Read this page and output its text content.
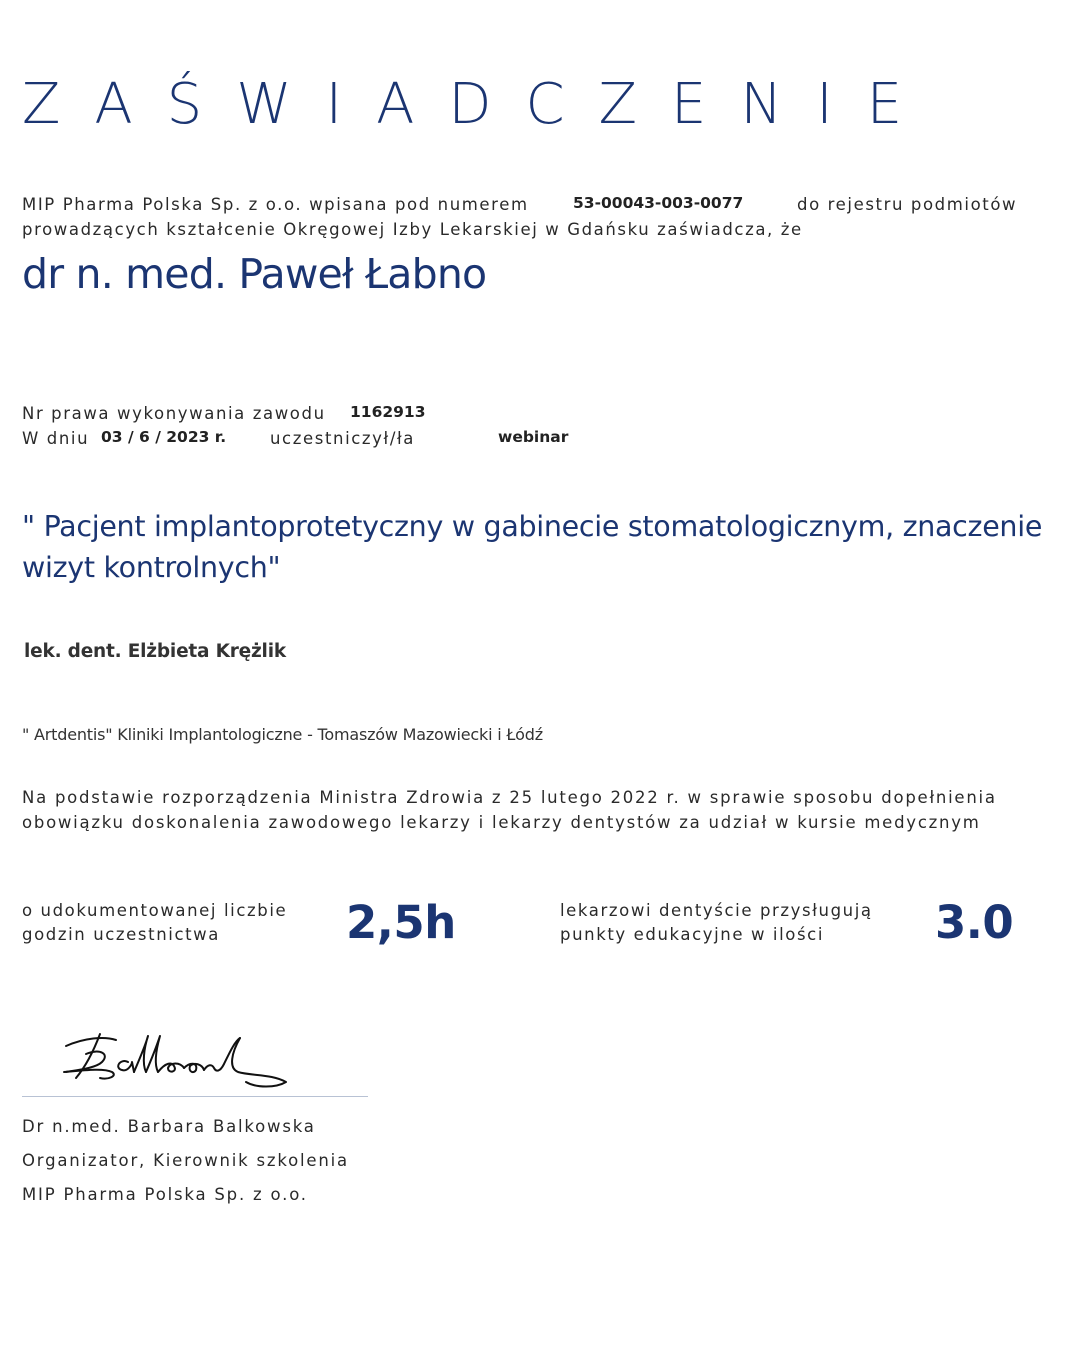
ZAŚWIADCZENIE
MIP Pharma Polska Sp. z o.o. wpisana pod numerem	53-00043-003-0077	do rejestru podmiotów
prowadzących kształcenie Okręgowej Izby Lekarskiej w Gdańsku zaświadcza, że
dr n. med. Paweł Łabno
Nr prawa wykonywania zawodu 1162913
W dniu 03 / 6 / 2023 r.	uczestniczył/ła	webinar
" Pacjent implantoprotetyczny w gabinecie stomatologicznym, znaczenie wizyt kontrolnych"
lek. dent. Elżbieta Krężlik
" Artdentis" Kliniki Implantologiczne - Tomaszów Mazowiecki i Łódź
Na podstawie rozporządzenia Ministra Zdrowia z 25 lutego 2022 r. w sprawie sposobu dopełnienia
obowiązku doskonalenia zawodowego lekarzy i lekarzy dentystów za udział w kursie medycznym
o udokumentowanej liczbie
godzin uczestnictwa	2,5h	lekarzowi dentyście przysługują
punkty edukacyjne w ilości 3.0
Dr n.med. Barbara Balkowska
Organizator, Kierownik szkolenia
MIP Pharma Polska Sp. z o.o.
